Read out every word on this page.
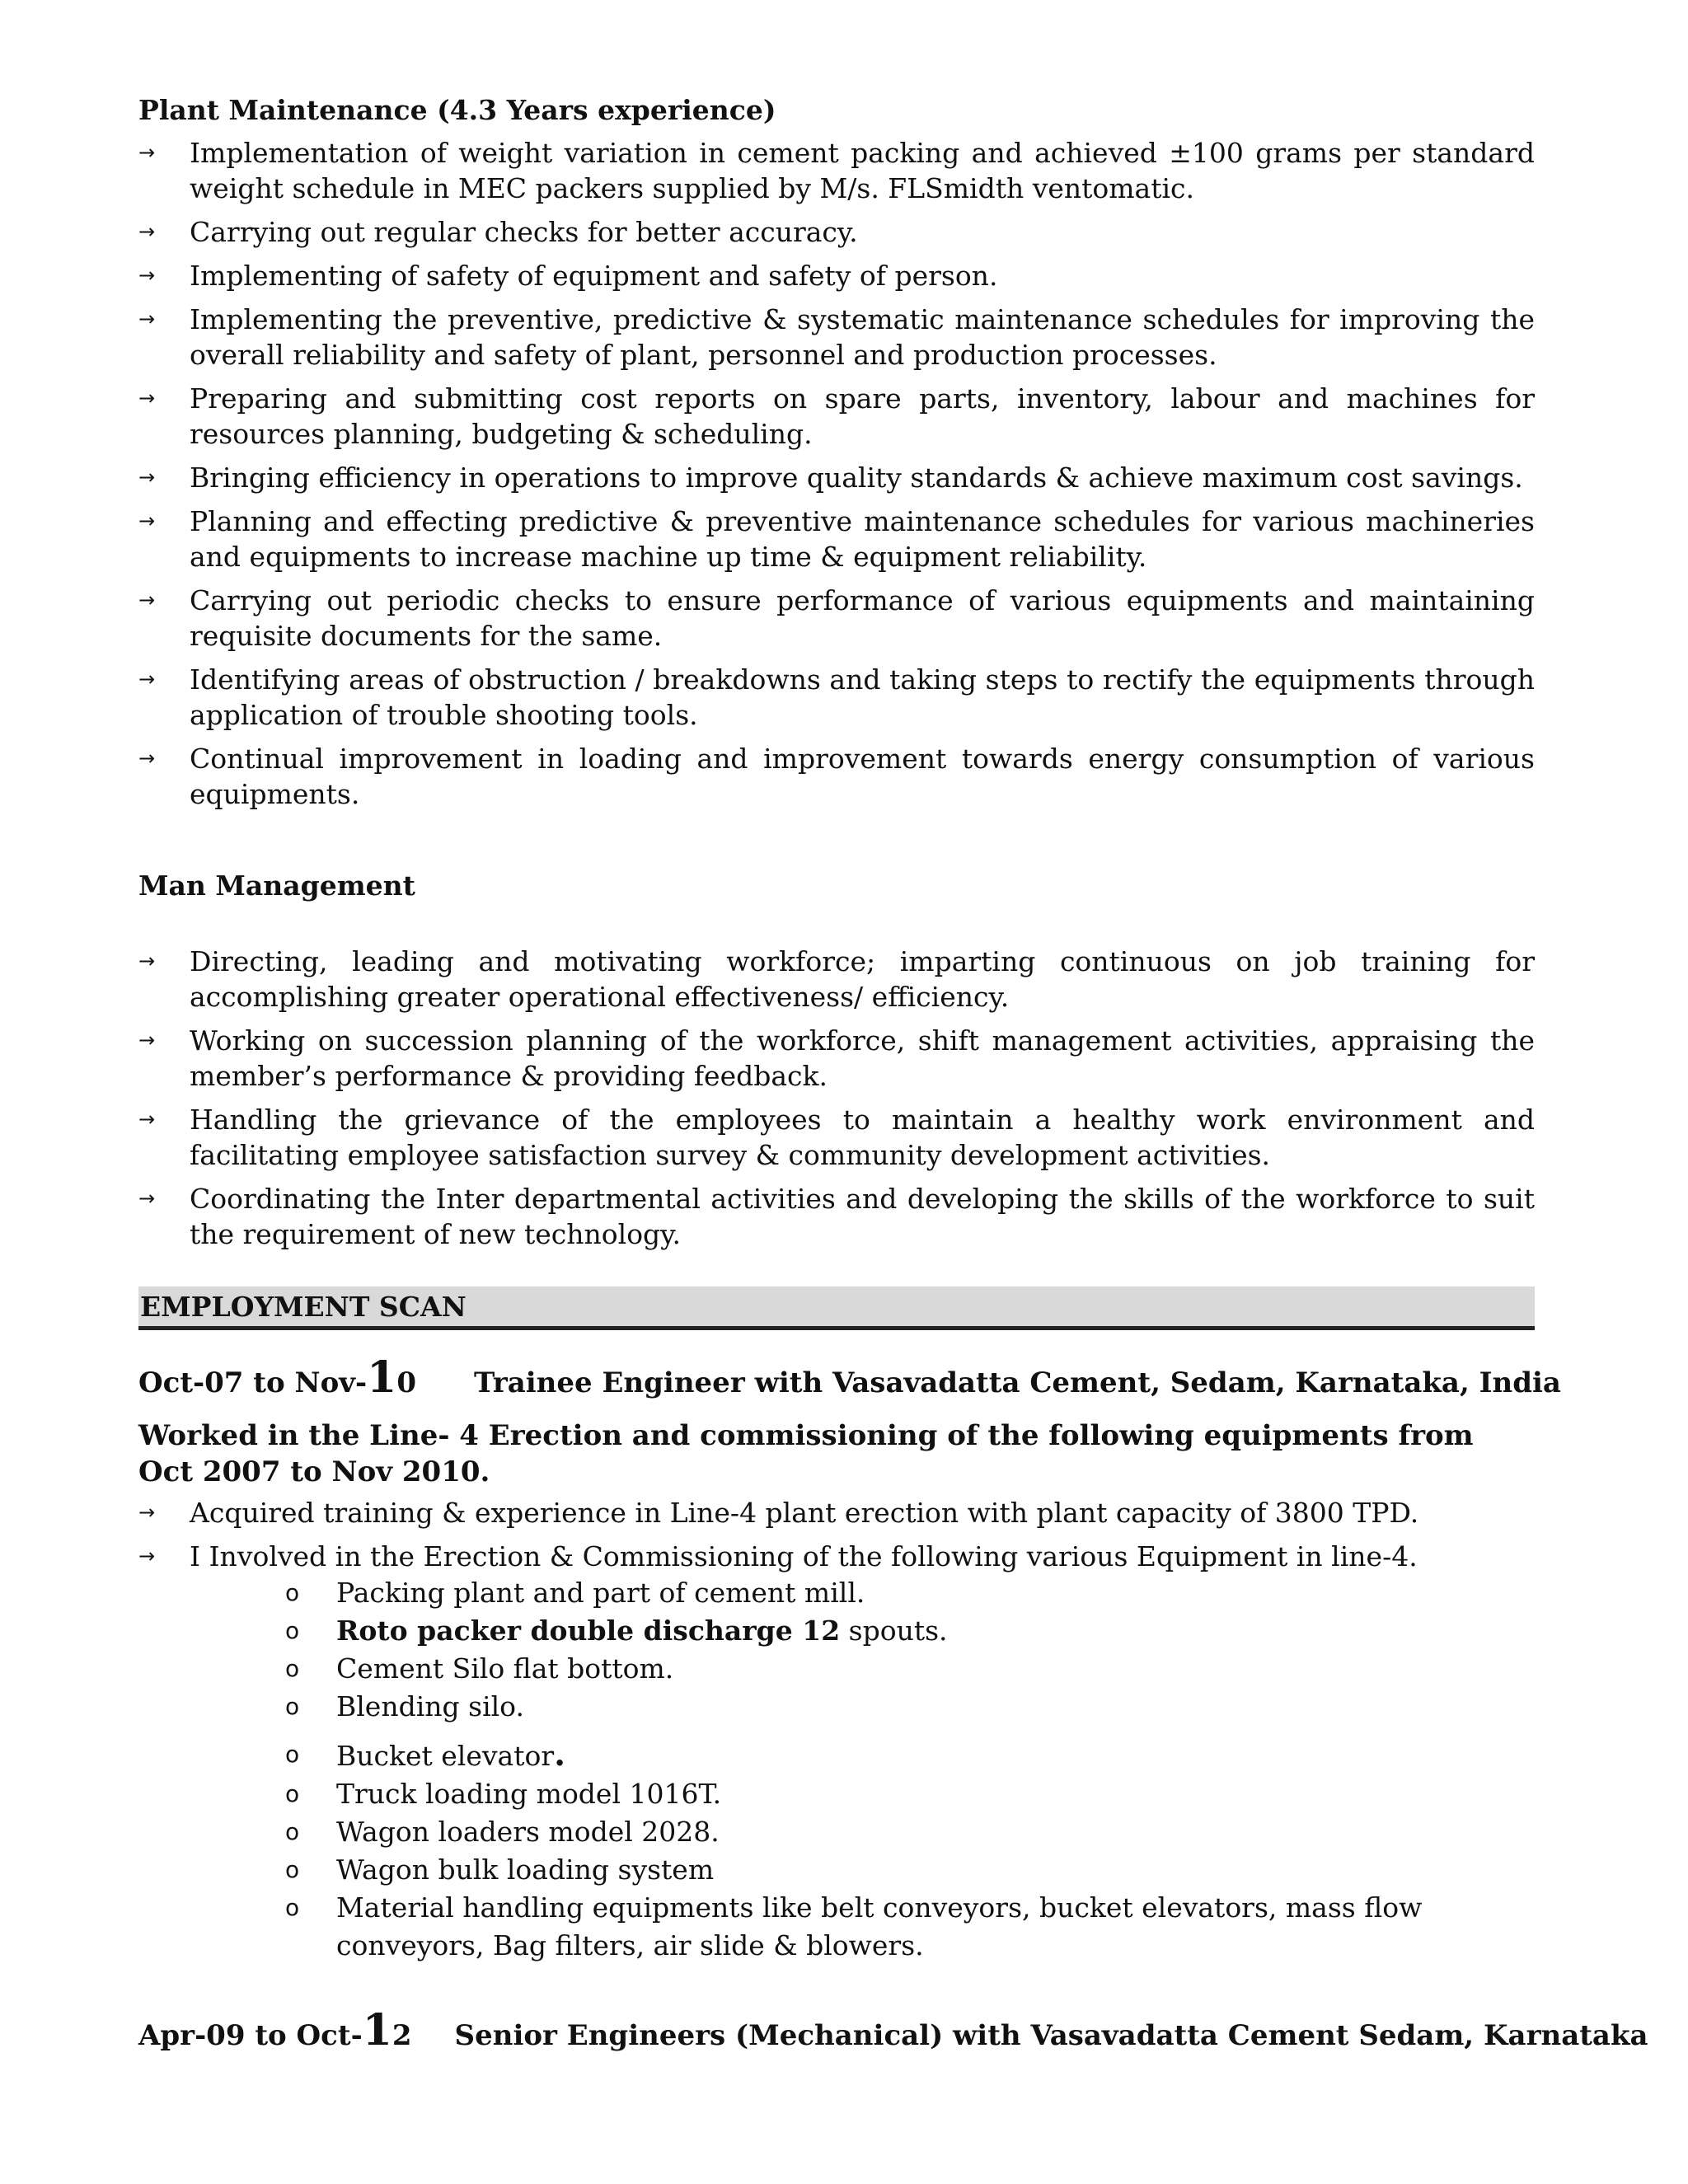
Plant Maintenance (4.3 Years experience)
→	Implementation of weight variation in cement packing and achieved ±100 grams per standard weight schedule in MEC packers supplied by M/s. FLSmidth ventomatic.
→	Carrying out regular checks for better accuracy.
→	Implementing of safety of equipment and safety of person.
→	Implementing the preventive, predictive & systematic maintenance schedules for improving the overall reliability and safety of plant, personnel and production processes.
→	Preparing and submitting cost reports on spare parts, inventory, labour and machines for resources planning, budgeting & scheduling.
→	Bringing efficiency in operations to improve quality standards & achieve maximum cost savings.
→	Planning and effecting predictive & preventive maintenance schedules for various machineries and equipments to increase machine up time & equipment reliability.
→	Carrying out periodic checks to ensure performance of various equipments and maintaining requisite documents for the same.
→	Identifying areas of obstruction / breakdowns and taking steps to rectify the equipments through application of trouble shooting tools.
→	Continual improvement in loading and improvement towards energy consumption of various equipments.
Man Management
→	Directing, leading and motivating workforce; imparting continuous on job training for accomplishing greater operational effectiveness/ efficiency.
→	Working on succession planning of the workforce, shift management activities, appraising the member’s performance & providing feedback.
→	Handling the grievance of the employees to maintain a healthy work environment and facilitating employee satisfaction survey & community development activities.
→	Coordinating the Inter departmental activities and developing the skills of the workforce to suit the requirement of new technology.
EMPLOYMENT SCAN
Oct-07 to Nov-10 Trainee Engineer with Vasavadatta Cement, Sedam, Karnataka, India
Worked in the Line- 4 Erection and commissioning of the following equipments from Oct 2007 to Nov 2010.
→	Acquired training & experience in Line-4 plant erection with plant capacity of 3800 TPD.
→	I Involved in the Erection & Commissioning of the following various Equipment in line-4.
o Packing plant and part of cement mill.
o Roto packer double discharge 12 spouts.
o Cement Silo flat bottom.
o Blending silo.
o Bucket elevator.
o Truck loading model 1016T.
o Wagon loaders model 2028.
o Wagon bulk loading system
o Material handling equipments like belt conveyors, bucket elevators, mass flow conveyors, Bag filters, air slide & blowers.
Apr-09 to Oct-12 Senior Engineers (Mechanical) with Vasavadatta Cement Sedam, Karnataka
